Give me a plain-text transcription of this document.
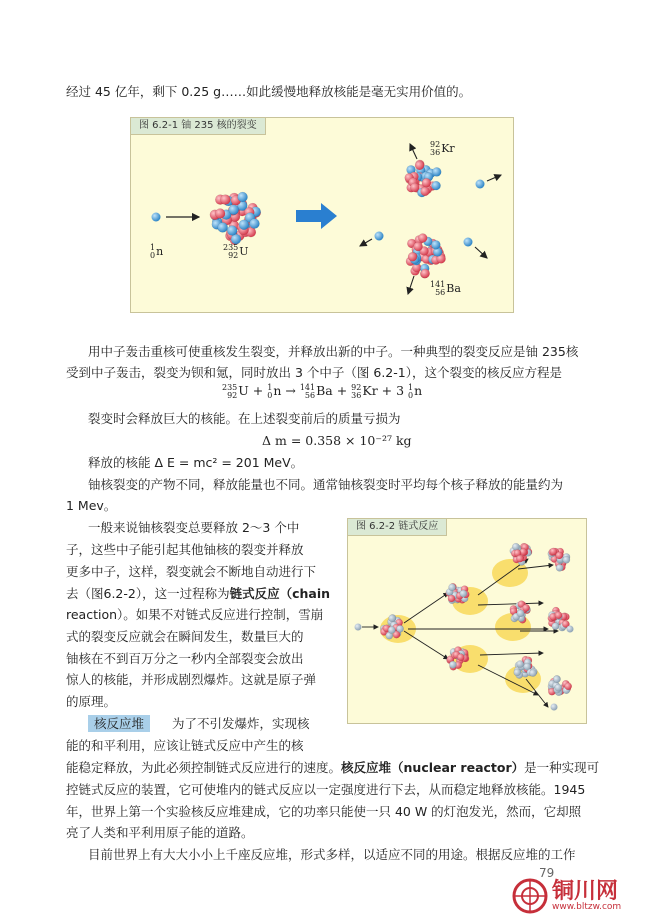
经过 45 亿年，剩下 0.25 g……如此缓慢地释放核能是毫无实用价值的。
图 6.2-1 铀 235 核的裂变
1
0n	235
92U
92
36Kr
141
56Ba
用中子轰击重核可使重核发生裂变，并释放出新的中子。一种典型的裂变反应是铀 235核
受到中子轰击，裂变为钡和氪，同时放出 3 个中子（图 6.2-1），这个裂变的核反应方程是
235
92U + 1
0n → 141
56Ba + 92
36Kr + 3 1
0n
裂变时会释放巨大的核能。在上述裂变前后的质量亏损为
Δ m = 0.358 × 10⁻²⁷ kg
释放的核能 Δ E = mc² = 201 MeV。
铀核裂变的产物不同，释放能量也不同。通常铀核裂变时平均每个核子释放的能量约为
1 Mev。
一般来说铀核裂变总要释放 2～3 个中
子，这些中子能引起其他铀核的裂变并释放
更多中子，这样，裂变就会不断地自动进行下
去（图6.2-2），这一过程称为链式反应（chain
reaction）。如果不对链式反应进行控制，雪崩
式的裂变反应就会在瞬间发生，数量巨大的
铀核在不到百万分之一秒内全部裂变会放出
惊人的核能，并形成剧烈爆炸。这就是原子弹
的原理。
图 6.2-2 链式反应
核反应堆	为了不引发爆炸，实现核
能的和平利用，应该让链式反应中产生的核
能稳定释放，为此必须控制链式反应进行的速度。核反应堆（nuclear reactor）是一种实现可
控链式反应的装置，它可使堆内的链式反应以一定强度进行下去，从而稳定地释放核能。1945
年，世界上第一个实验核反应堆建成，它的功率只能使一只 40 W 的灯泡发光，然而，它却照
亮了人类和平利用原子能的道路。
目前世界上有大大小小上千座反应堆，形式多样，以适应不同的用途。根据反应堆的工作
79
铜川网
www.bltzw.com
